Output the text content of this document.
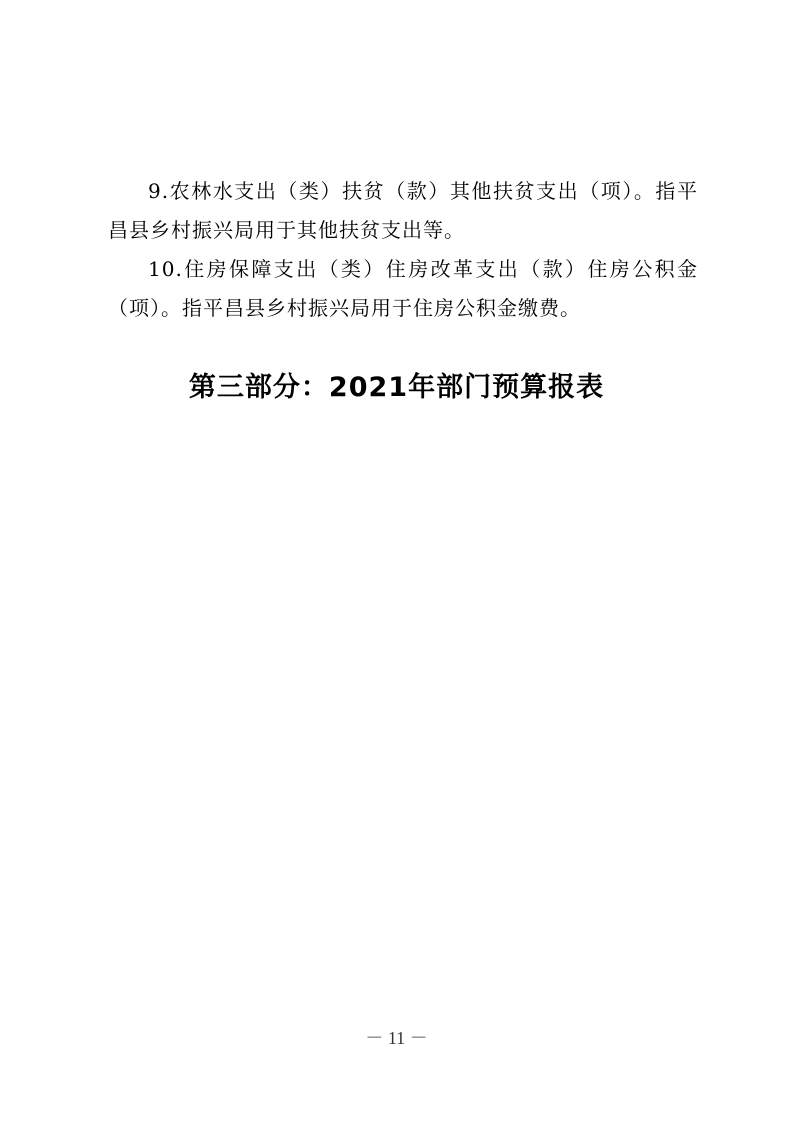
9.农林水支出（类）扶贫（款）其他扶贫支出（项）。指平昌县乡村振兴局用于其他扶贫支出等。

10.住房保障支出（类）住房改革支出（款）住房公积金（项）。指平昌县乡村振兴局用于住房公积金缴费。

第三部分：2021年部门预算报表
－ 11 －
